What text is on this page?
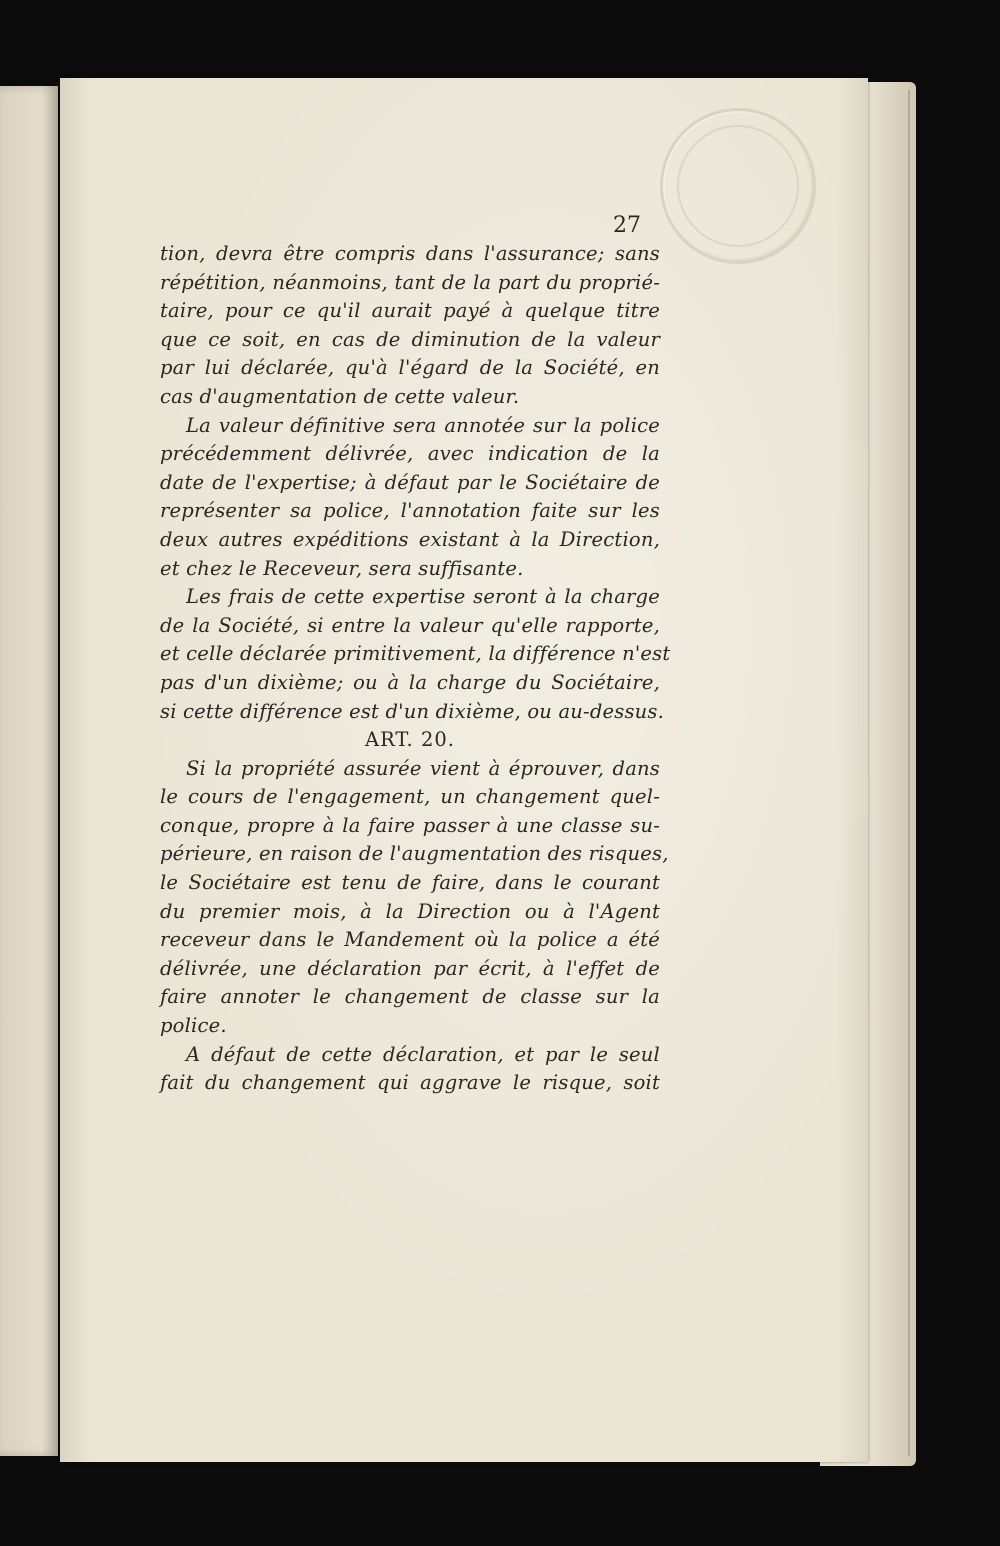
27
tion, devra être compris dans l'assurance; sans
répétition, néanmoins, tant de la part du proprié-
taire, pour ce qu'il aurait payé à quelque titre
que ce soit, en cas de diminution de la valeur
par lui déclarée, qu'à l'égard de la Société, en
cas d'augmentation de cette valeur.
La valeur définitive sera annotée sur la police
précédemment délivrée, avec indication de la
date de l'expertise; à défaut par le Sociétaire de
représenter sa police, l'annotation faite sur les
deux autres expéditions existant à la Direction,
et chez le Receveur, sera suffisante.
Les frais de cette expertise seront à la charge
de la Société, si entre la valeur qu'elle rapporte,
et celle déclarée primitivement, la différence n'est
pas d'un dixième; ou à la charge du Sociétaire,
si cette différence est d'un dixième, ou au-dessus.
ART. 20.
Si la propriété assurée vient à éprouver, dans
le cours de l'engagement, un changement quel-
conque, propre à la faire passer à une classe su-
périeure, en raison de l'augmentation des risques,
le Sociétaire est tenu de faire, dans le courant
du premier mois, à la Direction ou à l'Agent
receveur dans le Mandement où la police a été
délivrée, une déclaration par écrit, à l'effet de
faire annoter le changement de classe sur la
police.
A défaut de cette déclaration, et par le seul
fait du changement qui aggrave le risque, soit
